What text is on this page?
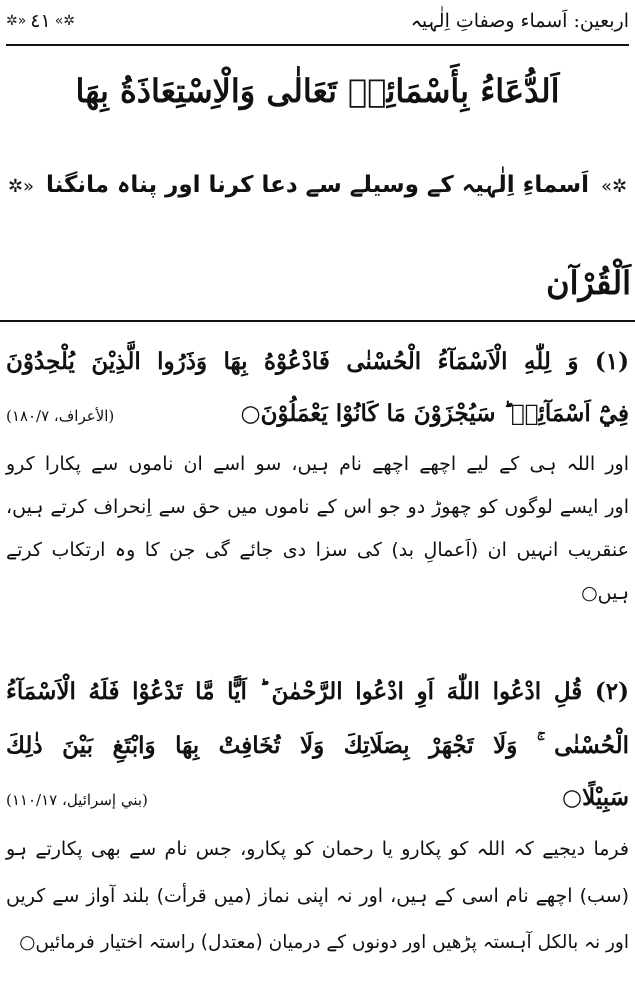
اربعین: اَسماء وصفاتِ اِلٰہیہ
✲»
٤١
«✲
اَلدُّعَاءُ بِأَسْمَائِهٖ تَعَالٰى وَالْاِسْتِعَاذَةُ بِهَا
✲» اَسماءِ اِلٰہیہ کے وسیلے سے دعا کرنا اور پناہ مانگنا «✲
اَلْقُرْآن
(١) وَ لِلّٰهِ الْاَسْمَآءُ الْحُسْنٰى فَادْعُوْهُ بِهَا وَذَرُوا الَّذِيْنَ يُلْحِدُوْنَ
فِيْٓ اَسْمَآئِهٖ ؕ سَيُجْزَوْنَ مَا كَانُوْا يَعْمَلُوْنَ○
(الأعراف، ١٨٠/٧)
اور اللہ ہی کے لیے اچھے اچھے نام ہیں، سو اسے ان ناموں سے پکارا کرو
اور ایسے لوگوں کو چھوڑ دو جو اس کے ناموں میں حق سے اِنحراف کرتے ہیں،
عنقریب انہیں ان (اَعمالِ بد) کی سزا دی جائے گی جن کا وہ ارتکاب کرتے
ہیں○
(٢) قُلِ ادْعُوا اللّٰهَ اَوِ ادْعُوا الرَّحْمٰنَ ؕ اَيًّا مَّا تَدْعُوْا فَلَهُ الْاَسْمَآءُ
الْحُسْنٰى ۚ وَلَا تَجْهَرْ بِصَلَاتِكَ وَلَا تُخَافِتْ بِهَا وَابْتَغِ بَيْنَ ذٰلِكَ
سَبِيْلًا○
(بني إسرائيل، ١١٠/١٧)
فرما دیجیے کہ اللہ کو پکارو یا رحمان کو پکارو، جس نام سے بھی پکارتے ہو
(سب) اچھے نام اسی کے ہیں، اور نہ اپنی نماز (میں قرأت) بلند آواز سے کریں
اور نہ بالکل آہستہ پڑھیں اور دونوں کے درمیان (معتدل) راستہ اختیار فرمائیں○
